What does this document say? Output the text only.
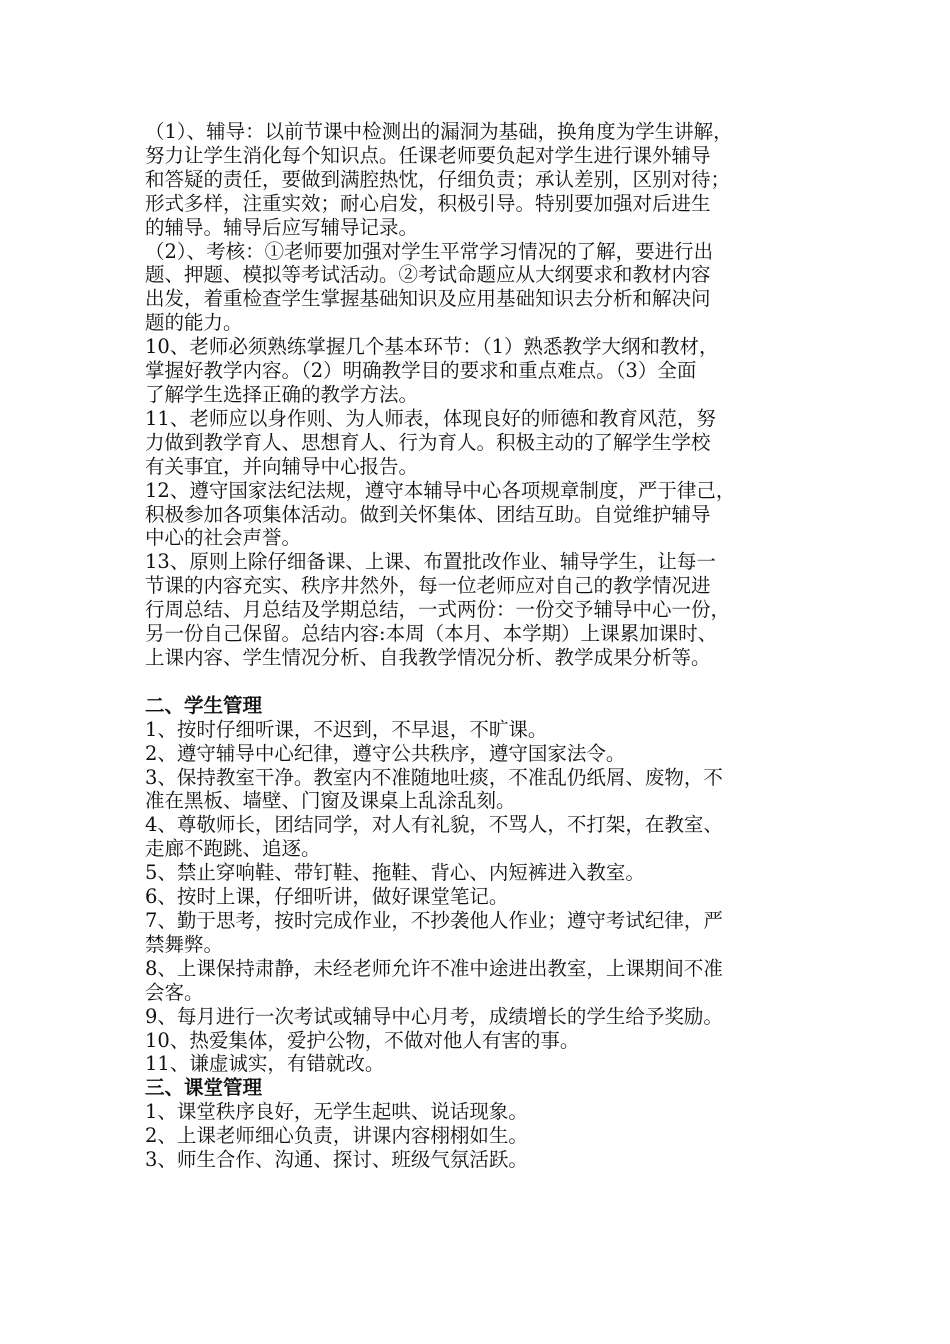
（1）、辅导：以前节课中检测出的漏洞为基础，换角度为学生讲解，
努力让学生消化每个知识点。任课老师要负起对学生进行课外辅导
和答疑的责任，要做到满腔热忱，仔细负责；承认差别，区别对待；
形式多样，注重实效；耐心启发，积极引导。特别要加强对后进生
的辅导。辅导后应写辅导记录。

（2）、考核：①老师要加强对学生平常学习情况的了解，要进行出
题、押题、模拟等考试活动。②考试命题应从大纲要求和教材内容
出发，着重检查学生掌握基础知识及应用基础知识去分析和解决问
题的能力。

10、老师必须熟练掌握几个基本环节：（1）熟悉教学大纲和教材，
掌握好教学内容。（2）明确教学目的要求和重点难点。（3）全面
了解学生选择正确的教学方法。

11、老师应以身作则、为人师表，体现良好的师德和教育风范，努
力做到教学育人、思想育人、行为育人。积极主动的了解学生学校
有关事宜，并向辅导中心报告。

12、遵守国家法纪法规，遵守本辅导中心各项规章制度，严于律己，
积极参加各项集体活动。做到关怀集体、团结互助。自觉维护辅导
中心的社会声誉。

13、原则上除仔细备课、上课、布置批改作业、辅导学生，让每一
节课的内容充实、秩序井然外，每一位老师应对自己的教学情况进
行周总结、月总结及学期总结，一式两份：一份交予辅导中心一份，
另一份自己保留。总结内容:本周（本月、本学期）上课累加课时、
上课内容、学生情况分析、自我教学情况分析、教学成果分析等。

二、学生管理

1、按时仔细听课，不迟到，不早退，不旷课。

2、遵守辅导中心纪律，遵守公共秩序，遵守国家法令。

3、保持教室干净。教室内不准随地吐痰，不准乱仍纸屑、废物，不
准在黑板、墙壁、门窗及课桌上乱涂乱刻。

4、尊敬师长，团结同学，对人有礼貌，不骂人，不打架，在教室、
走廊不跑跳、追逐。

5、禁止穿响鞋、带钉鞋、拖鞋、背心、内短裤进入教室。

6、按时上课，仔细听讲，做好课堂笔记。

7、勤于思考，按时完成作业，不抄袭他人作业；遵守考试纪律，严
禁舞弊。

8、上课保持肃静，未经老师允许不准中途进出教室，上课期间不准
会客。

9、每月进行一次考试或辅导中心月考，成绩增长的学生给予奖励。

10、热爱集体，爱护公物，不做对他人有害的事。

11、谦虚诚实，有错就改。

三、课堂管理

1、课堂秩序良好，无学生起哄、说话现象。

2、上课老师细心负责，讲课内容栩栩如生。

3、师生合作、沟通、探讨、班级气氛活跃。
